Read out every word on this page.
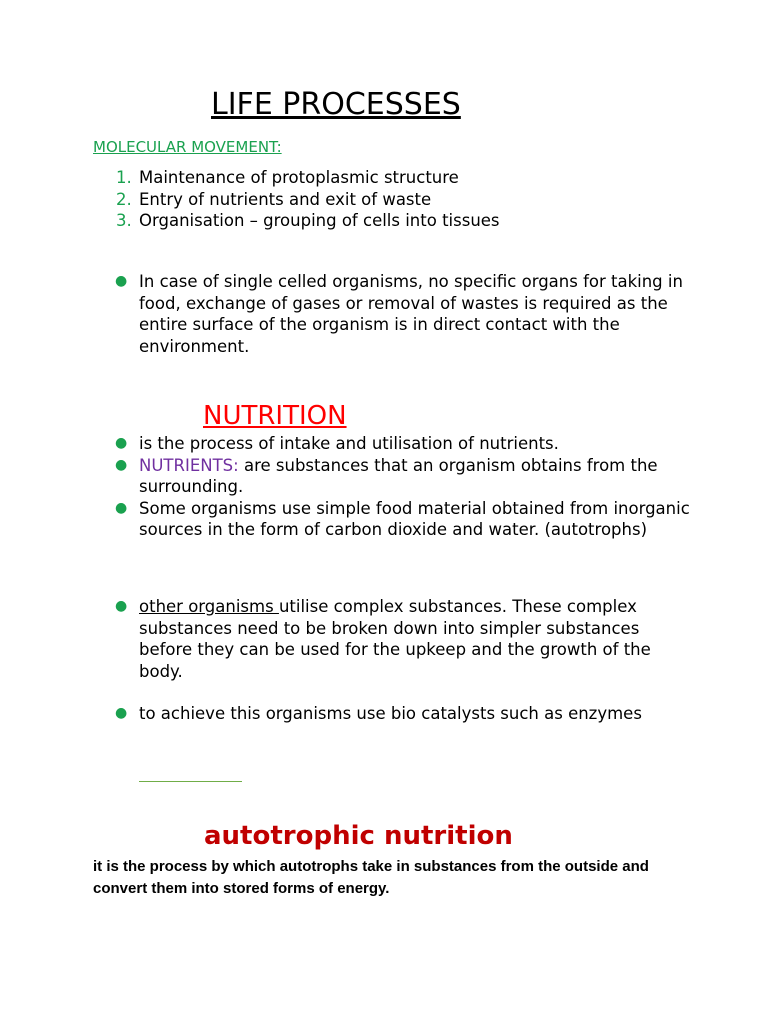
LIFE PROCESSES
MOLECULAR MOVEMENT:
1. Maintenance of protoplasmic structure
2. Entry of nutrients and exit of waste
3. Organisation – grouping of cells into tissues
● In case of single celled organisms, no specific organs for taking in food, exchange of gases or removal of wastes is required as the entire surface of the organism is in direct contact with the environment.
NUTRITION
● is the process of intake and utilisation of nutrients.
● NUTRIENTS: are substances that an organism obtains from the surrounding.
● Some organisms use simple food material obtained from inorganic sources in the form of carbon dioxide and water. (autotrophs)
● other organisms utilise complex substances. These complex substances need to be broken down into simpler substances before they can be used for the upkeep and the growth of the body.
● to achieve this organisms use bio catalysts such as enzymes
autotrophic nutrition
it is the process by which autotrophs take in substances from the outside and convert them into stored forms of energy.
